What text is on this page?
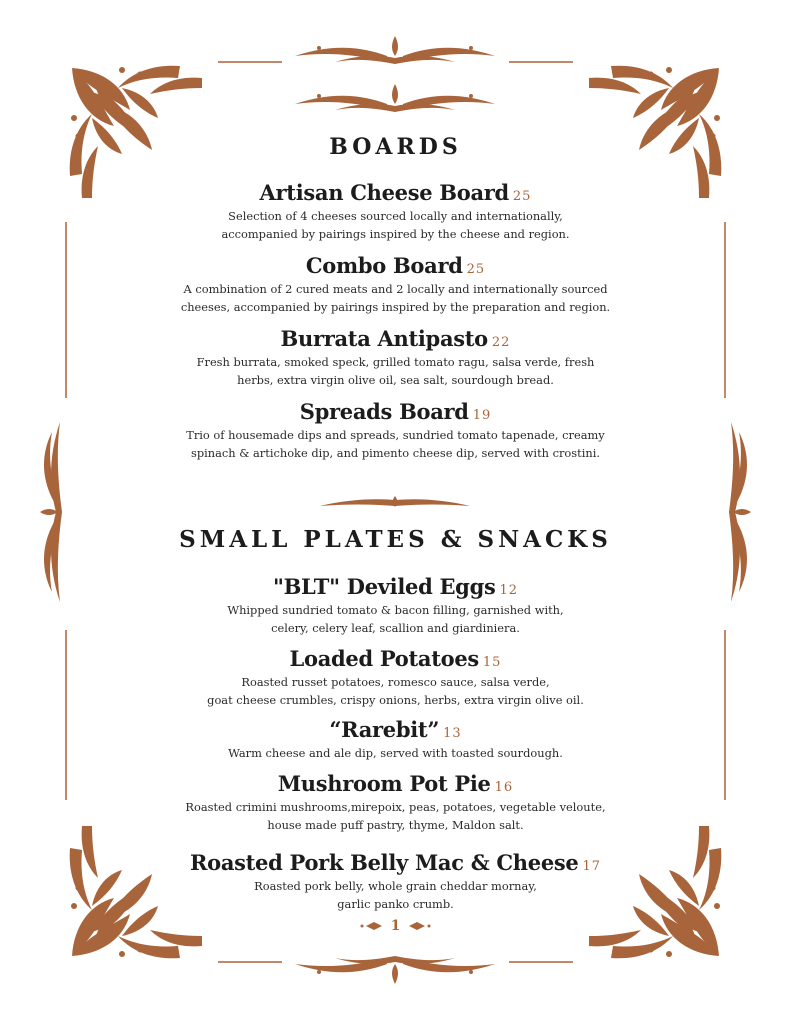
BOARDS
Artisan Cheese Board 25
Selection of 4 cheeses sourced locally and internationally,
accompanied by pairings inspired by the cheese and region.
Combo Board 25
A combination of 2 cured meats and 2 locally and internationally sourced
cheeses, accompanied by pairings inspired by the preparation and region.
Burrata Antipasto 22
Fresh burrata, smoked speck, grilled tomato ragu, salsa verde, fresh
herbs, extra virgin olive oil, sea salt, sourdough bread.
Spreads Board 19
Trio of housemade dips and spreads, sundried tomato tapenade, creamy
spinach & artichoke dip, and pimento cheese dip, served with crostini.
SMALL PLATES & SNACKS
"BLT" Deviled Eggs 12
Whipped sundried tomato & bacon filling, garnished with,
celery, celery leaf, scallion and giardiniera.
Loaded Potatoes 15
Roasted russet potatoes, romesco sauce, salsa verde,
goat cheese crumbles, crispy onions, herbs, extra virgin olive oil.
“Rarebit” 13
Warm cheese and ale dip, served with toasted sourdough.
Mushroom Pot Pie 16
Roasted crimini mushrooms,mirepoix, peas, potatoes, vegetable veloute,
house made puff pastry, thyme, Maldon salt.
Roasted Pork Belly Mac & Cheese 17
Roasted pork belly, whole grain cheddar mornay,
garlic panko crumb.
1
